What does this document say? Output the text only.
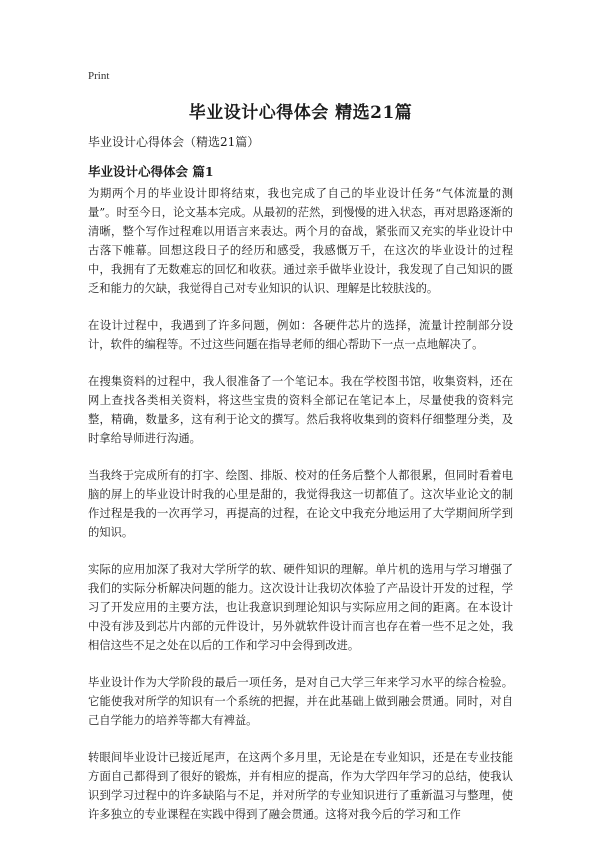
Print
毕业设计心得体会 精选21篇

毕业设计心得体会（精选21篇）

毕业设计心得体会 篇1

为期两个月的毕业设计即将结束，我也完成了自己的毕业设计任务“气体流量的测量”。时至今日，论文基本完成。从最初的茫然，到慢慢的进入状态，再对思路逐渐的清晰，整个写作过程难以用语言来表达。两个月的奋战，紧张而又充实的毕业设计中古落下帷幕。回想这段日子的经历和感受，我感慨万千，在这次的毕业设计的过程中，我拥有了无数难忘的回忆和收获。通过亲手做毕业设计，我发现了自己知识的匮乏和能力的欠缺，我觉得自己对专业知识的认识、理解是比较肤浅的。

在设计过程中，我遇到了许多问题，例如：各硬件芯片的选择，流量计控制部分设计，软件的编程等。不过这些问题在指导老师的细心帮助下一点一点地解决了。

在搜集资料的过程中，我人很准备了一个笔记本。我在学校图书馆，收集资料，还在网上查找各类相关资料，将这些宝贵的资料全部记在笔记本上，尽量使我的资料完整，精确，数量多，这有利于论文的撰写。然后我将收集到的资料仔细整理分类，及时拿给导师进行沟通。

当我终于完成所有的打字、绘图、排版、校对的任务后整个人都很累，但同时看着电脑的屏上的毕业设计时我的心里是甜的，我觉得我这一切都值了。这次毕业论文的制作过程是我的一次再学习，再提高的过程，在论文中我充分地运用了大学期间所学到的知识。

实际的应用加深了我对大学所学的软、硬件知识的理解。单片机的选用与学习增强了我们的实际分析解决问题的能力。这次设计让我切次体验了产品设计开发的过程，学习了开发应用的主要方法，也让我意识到理论知识与实际应用之间的距离。在本设计中没有涉及到芯片内部的元件设计，另外就软件设计而言也存在着一些不足之处，我相信这些不足之处在以后的工作和学习中会得到改进。

毕业设计作为大学阶段的最后一项任务，是对自己大学三年来学习水平的综合检验。它能使我对所学的知识有一个系统的把握，并在此基础上做到融会贯通。同时，对自己自学能力的培养等都大有裨益。

转眼间毕业设计已接近尾声，在这两个多月里，无论是在专业知识，还是在专业技能方面自己都得到了很好的锻炼，并有相应的提高，作为大学四年学习的总结，使我认识到学习过程中的许多缺陷与不足，并对所学的专业知识进行了重新温习与整理，使许多独立的专业课程在实践中得到了融会贯通。这将对我今后的学习和工作
